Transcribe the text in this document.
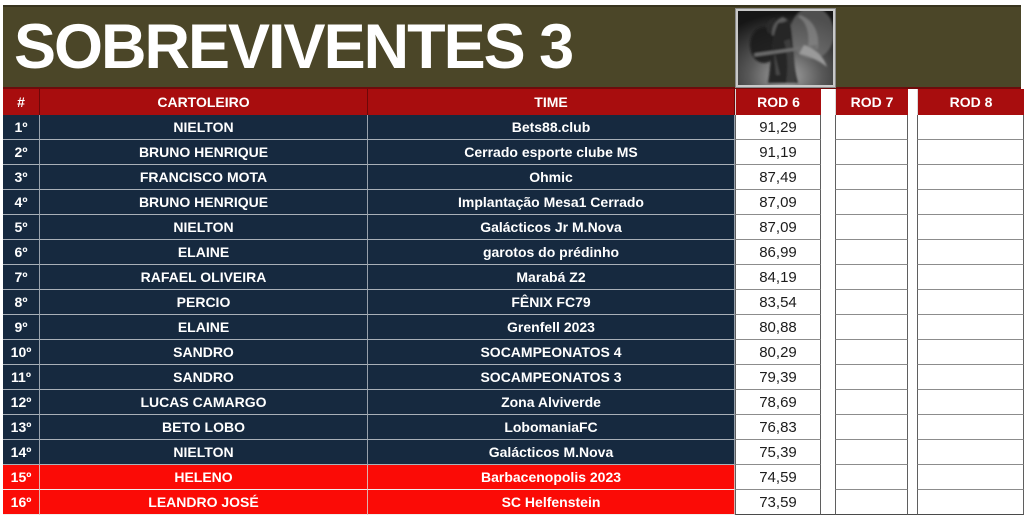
SOBREVIVENTES 3
#	CARTOLEIRO	TIME	ROD 6	ROD 7	ROD 8
1º	NIELTON	Bets88.club	91,29
2º	BRUNO HENRIQUE	Cerrado esporte clube MS	91,19
3º	FRANCISCO MOTA	Ohmic	87,49
4º	BRUNO HENRIQUE	Implantação Mesa1 Cerrado	87,09
5º	NIELTON	Galácticos Jr M.Nova	87,09
6º	ELAINE	garotos do prédinho	86,99
7º	RAFAEL OLIVEIRA	Marabá Z2	84,19
8º	PERCIO	FÊNIX FC79	83,54
9º	ELAINE	Grenfell 2023	80,88
10º	SANDRO	SOCAMPEONATOS 4	80,29
11º	SANDRO	SOCAMPEONATOS 3	79,39
12º	LUCAS CAMARGO	Zona Alviverde	78,69
13º	BETO LOBO	LobomaniaFC	76,83
14º	NIELTON	Galácticos M.Nova	75,39
15º	HELENO	Barbacenopolis 2023	74,59
16º	LEANDRO JOSÉ	SC Helfenstein	73,59
